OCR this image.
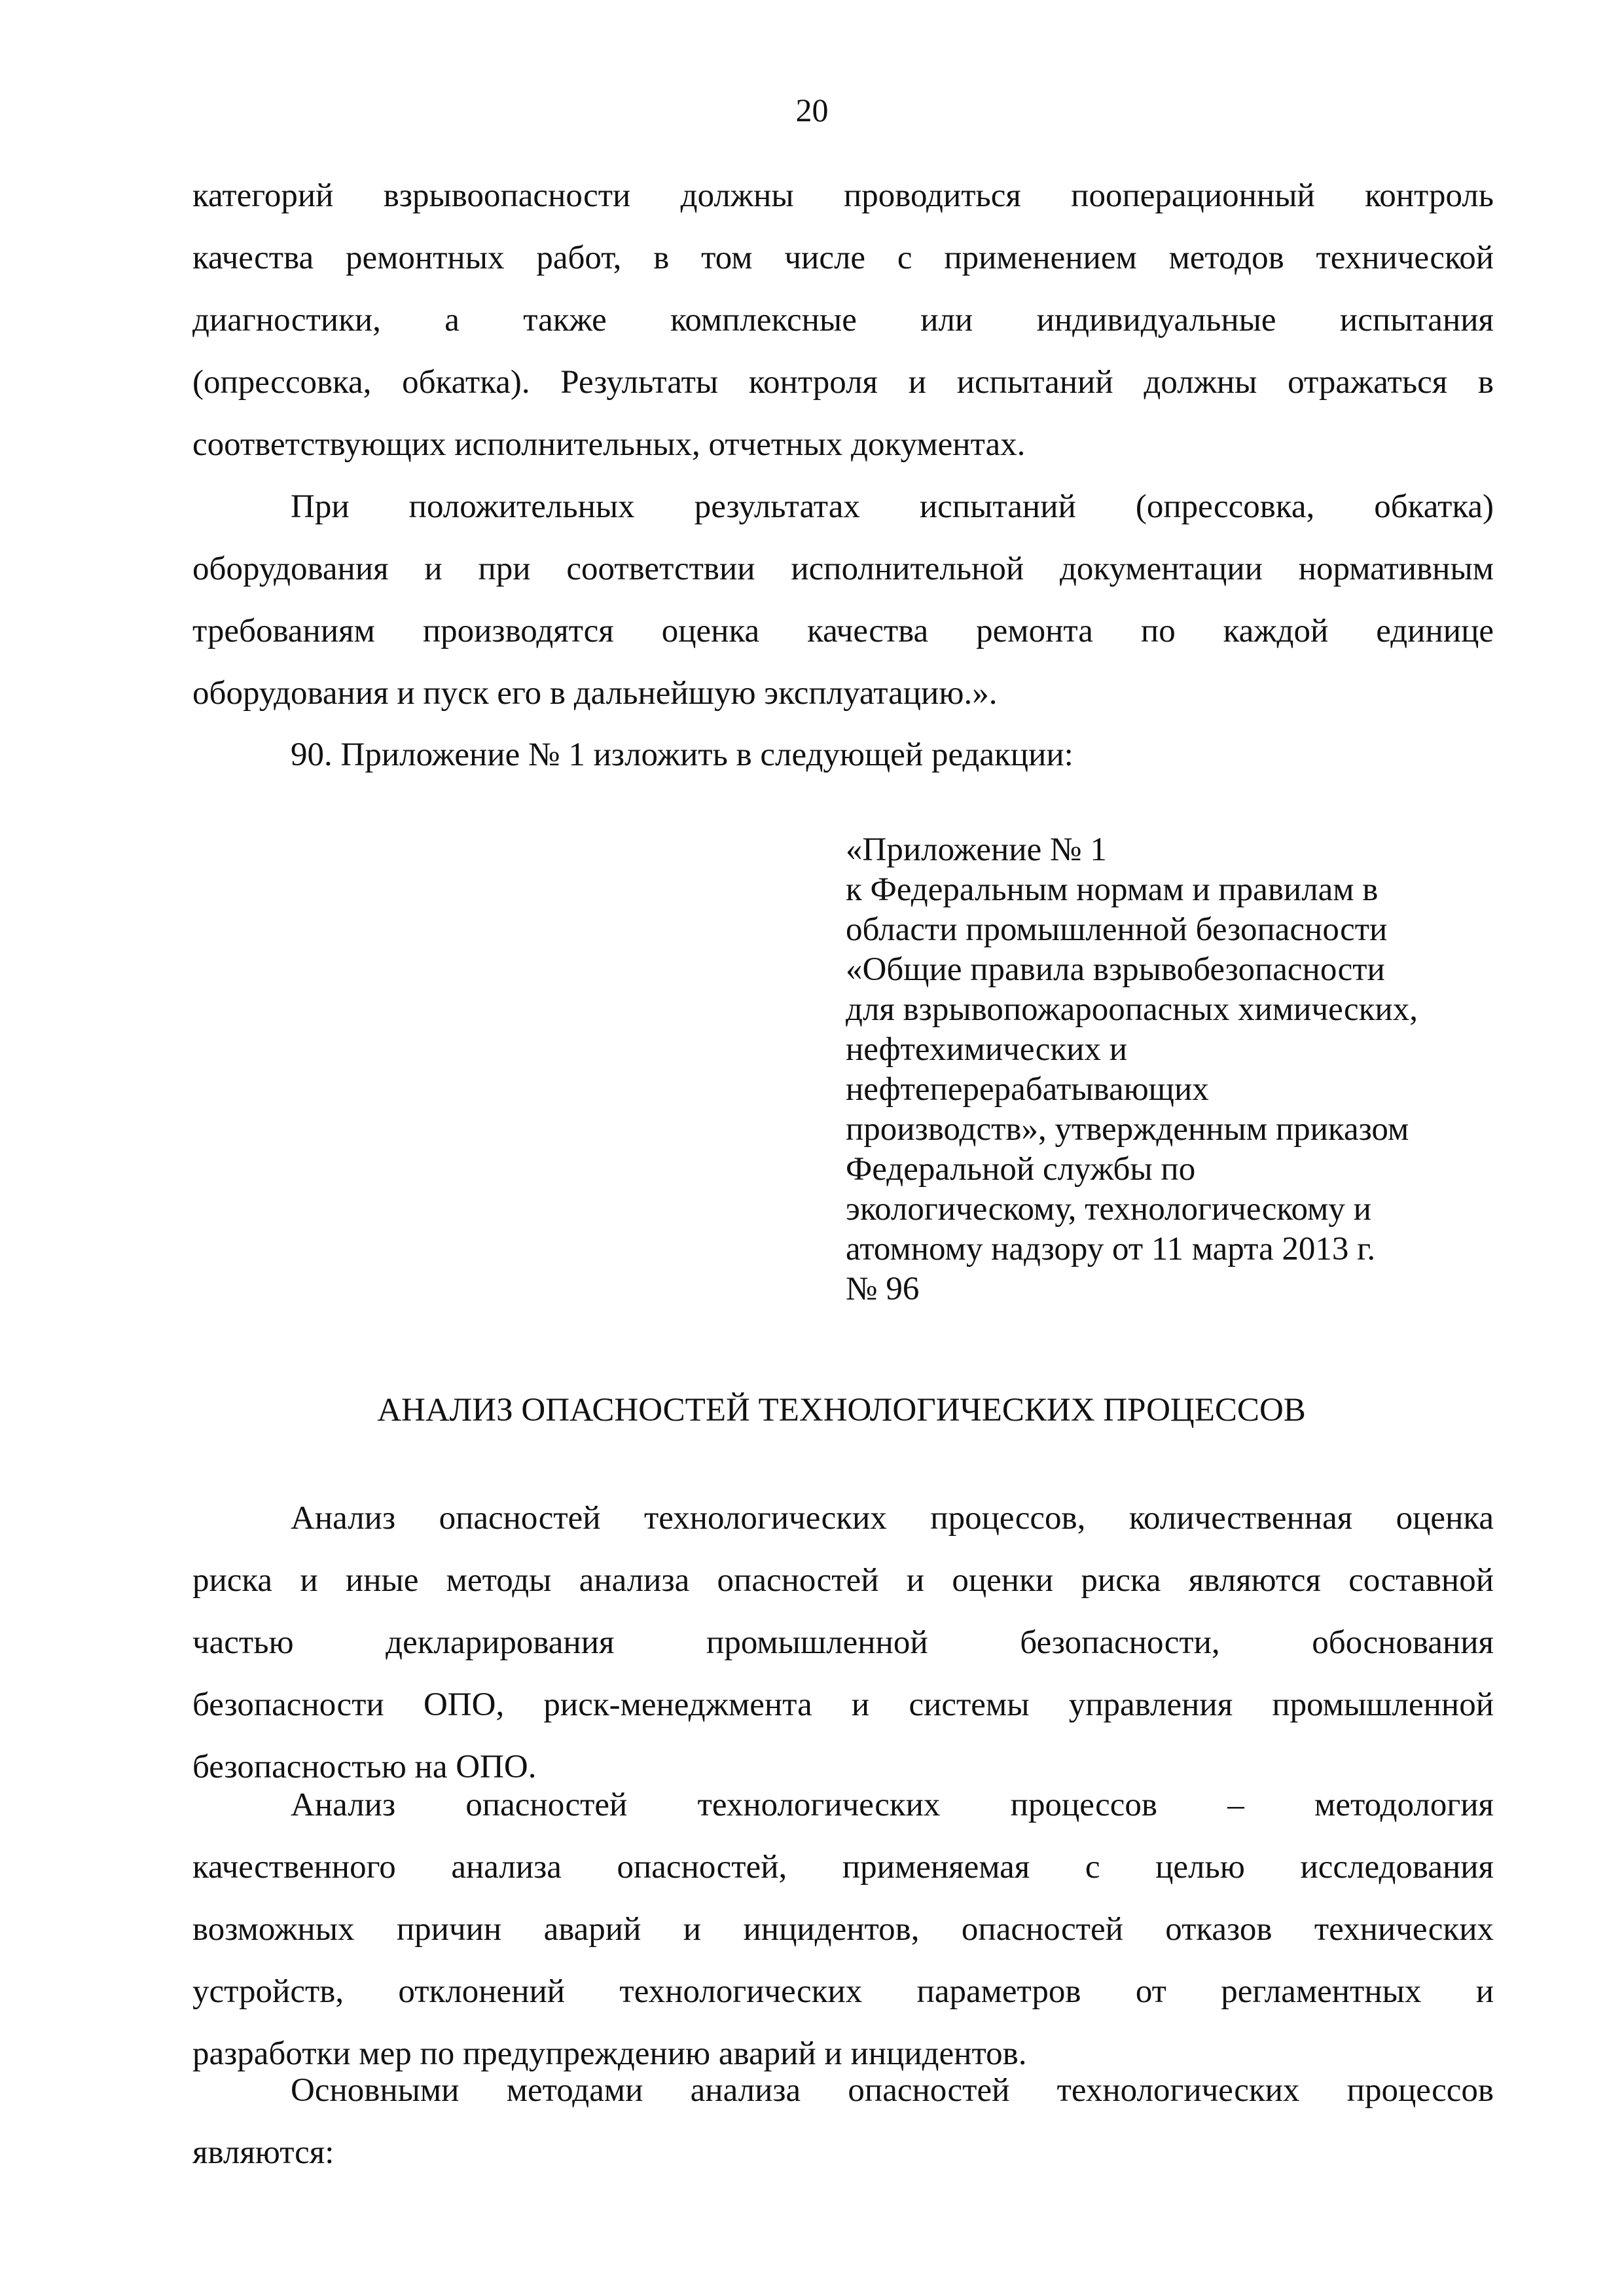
20
категорий взрывоопасности должны проводиться пооперационный контроль
качества ремонтных работ, в том числе с применением методов технической
диагностики, а также комплексные или индивидуальные испытания
(опрессовка, обкатка). Результаты контроля и испытаний должны отражаться в
соответствующих исполнительных, отчетных документах.
При положительных результатах испытаний (опрессовка, обкатка)
оборудования и при соответствии исполнительной документации нормативным
требованиям производятся оценка качества ремонта по каждой единице
оборудования и пуск его в дальнейшую эксплуатацию.».
90. Приложение № 1 изложить в следующей редакции:
«Приложение № 1
к Федеральным нормам и правилам в
области промышленной безопасности
«Общие правила взрывобезопасности
для взрывопожароопасных химических,
нефтехимических и
нефтеперерабатывающих
производств», утвержденным приказом
Федеральной службы по
экологическому, технологическому и
атомному надзору от 11 марта 2013 г.
№ 96
АНАЛИЗ ОПАСНОСТЕЙ ТЕХНОЛОГИЧЕСКИХ ПРОЦЕССОВ
Анализ опасностей технологических процессов, количественная оценка
риска и иные методы анализа опасностей и оценки риска являются составной
частью декларирования промышленной безопасности, обоснования
безопасности ОПО, риск-менеджмента и системы управления промышленной
безопасностью на ОПО.
Анализ опасностей технологических процессов – методология
качественного анализа опасностей, применяемая с целью исследования
возможных причин аварий и инцидентов, опасностей отказов технических
устройств, отклонений технологических параметров от регламентных и
разработки мер по предупреждению аварий и инцидентов.
Основными методами анализа опасностей технологических процессов
являются:
